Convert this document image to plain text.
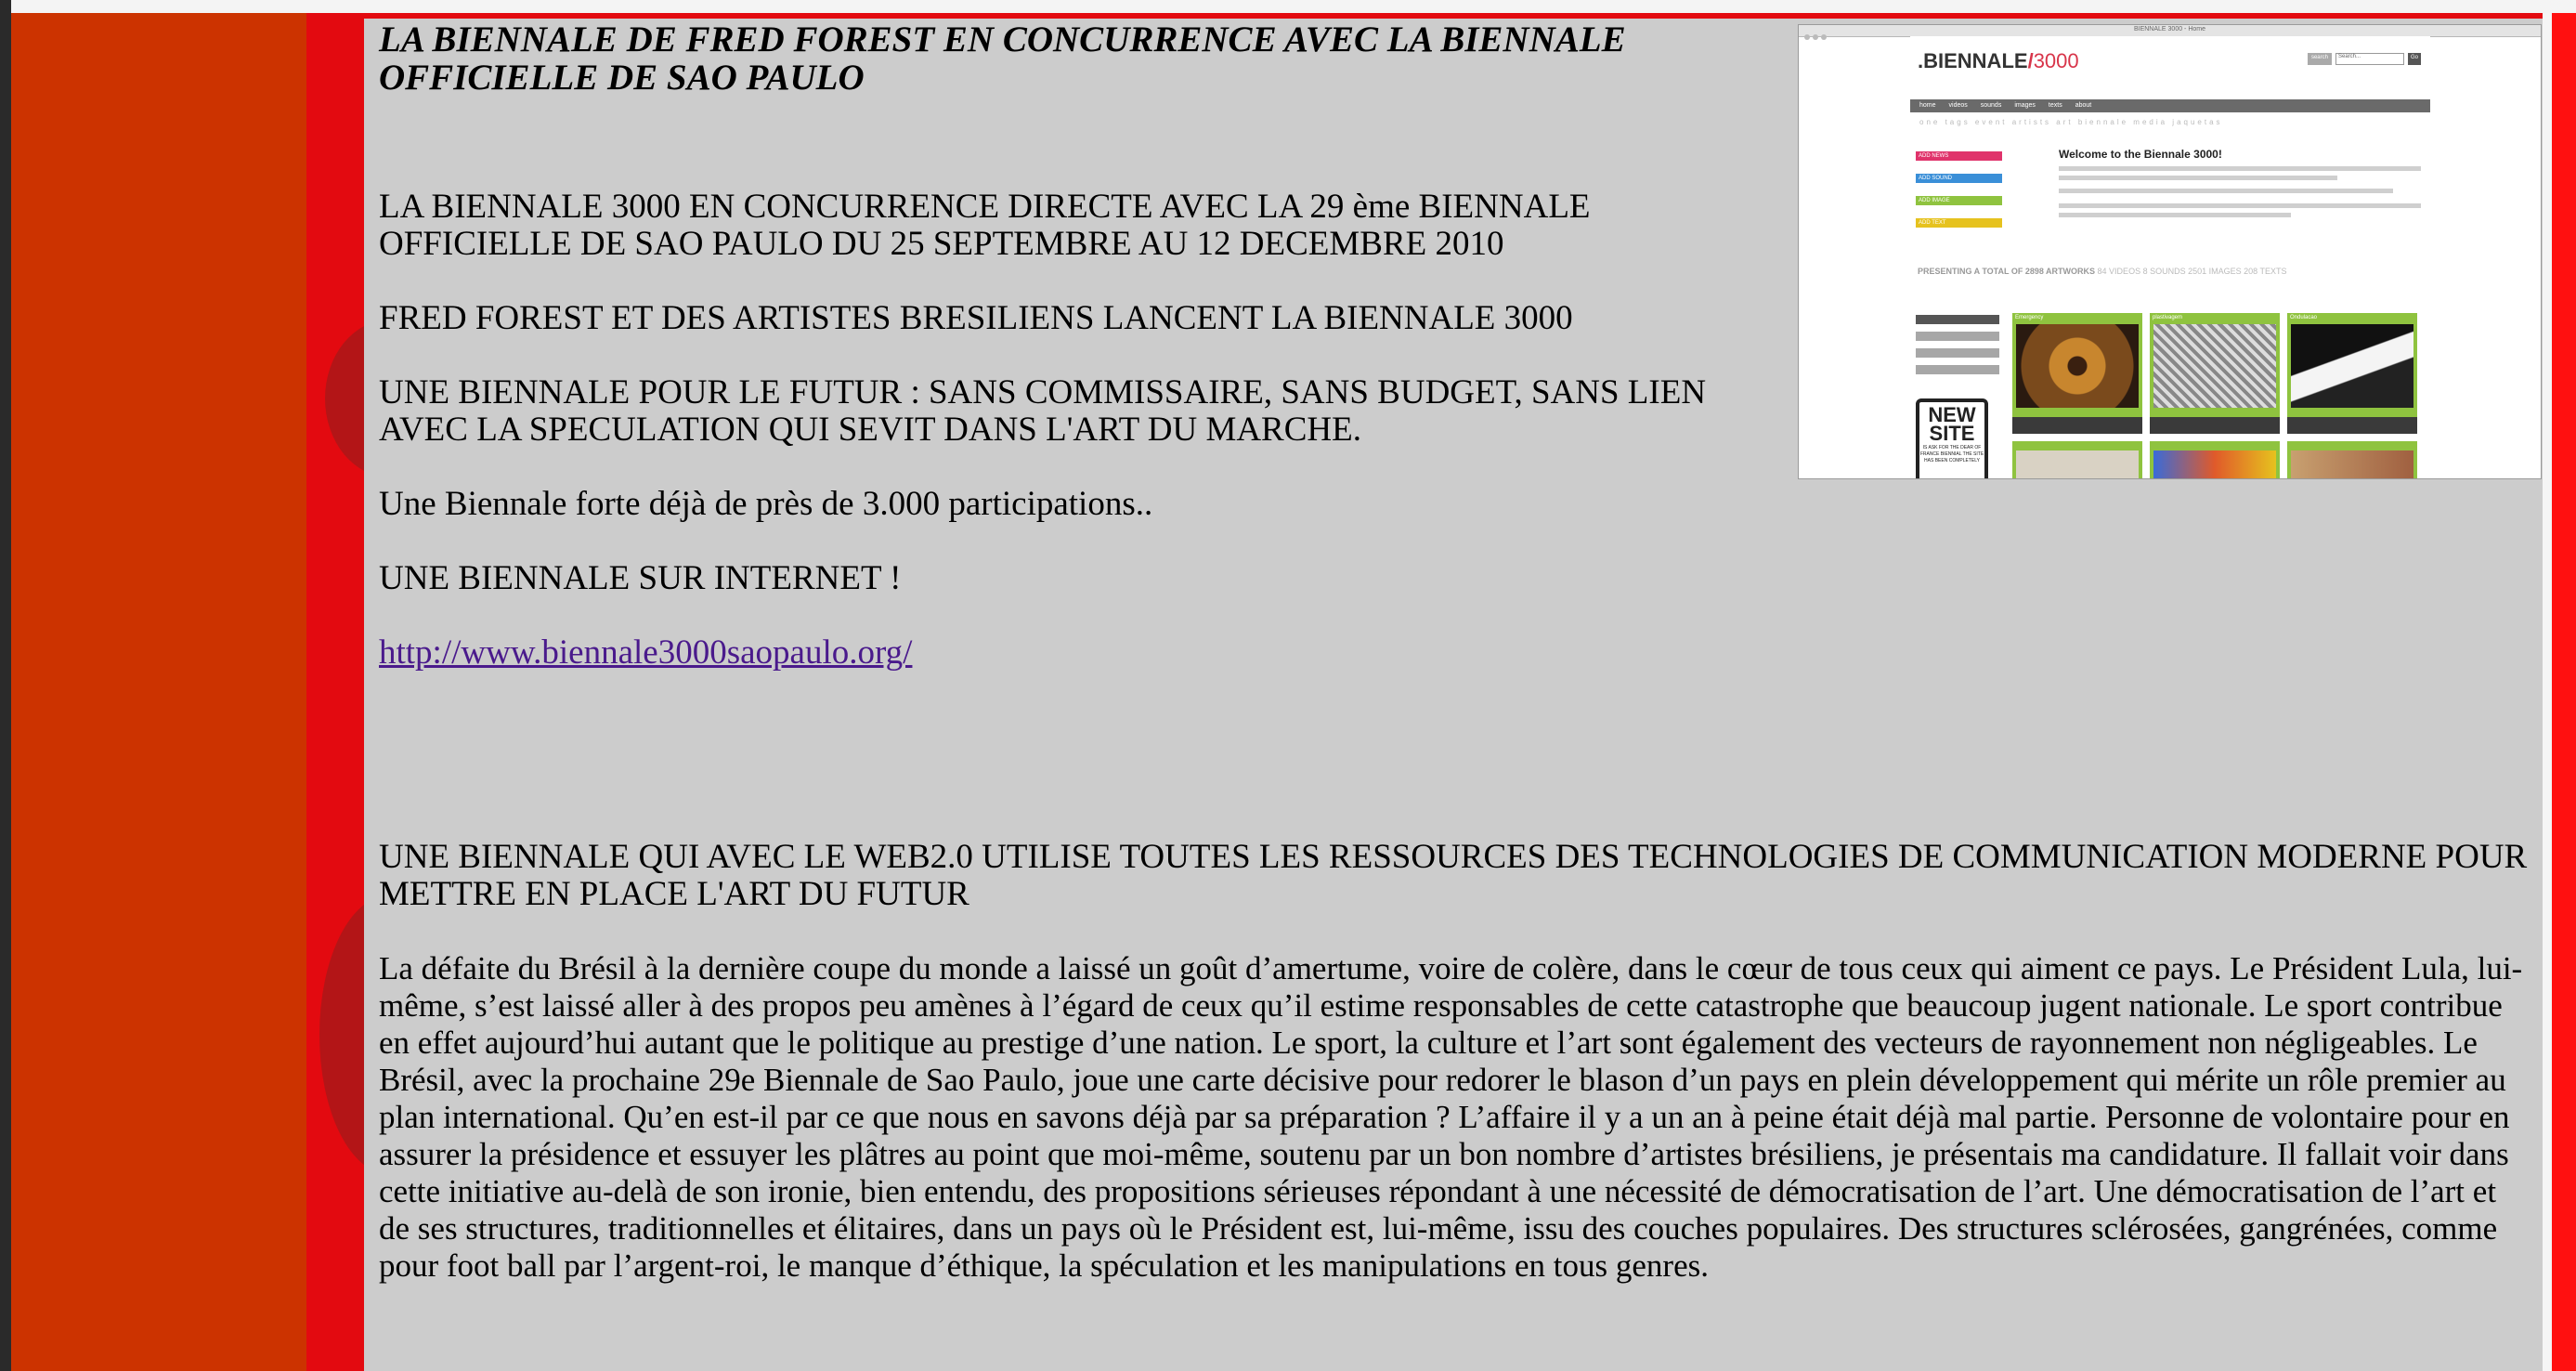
LA BIENNALE DE FRED FOREST EN CONCURRENCE AVEC LA BIENNALE OFFICIELLE DE SAO PAULO

LA BIENNALE 3000 EN CONCURRENCE DIRECTE AVEC LA 29 ème BIENNALE OFFICIELLE DE SAO PAULO DU 25 SEPTEMBRE AU 12 DECEMBRE 2010

FRED FOREST ET DES ARTISTES BRESILIENS LANCENT LA BIENNALE 3000

UNE BIENNALE POUR LE FUTUR : SANS COMMISSAIRE, SANS BUDGET, SANS LIEN AVEC LA SPECULATION QUI SEVIT DANS L'ART DU MARCHE.

Une Biennale forte déjà de près de 3.000 participations..

UNE BIENNALE SUR INTERNET !

http://www.biennale3000saopaulo.org/

UNE BIENNALE QUI AVEC LE WEB2.0 UTILISE TOUTES LES RESSOURCES DES TECHNOLOGIES DE COMMUNICATION MODERNE POUR METTRE EN PLACE L'ART DU FUTUR

La défaite du Brésil à la dernière coupe du monde a laissé un goût d’amertume, voire de colère, dans le cœur de tous ceux qui aiment ce pays. Le Président Lula, lui-même, s’est laissé aller à des propos peu amènes à l’égard de ceux qu’il estime responsables de cette catastrophe que beaucoup jugent nationale. Le sport contribue en effet aujourd’hui autant que le politique au prestige d’une nation. Le sport, la culture et l’art sont également des vecteurs de rayonnement non négligeables. Le Brésil, avec la prochaine 29e Biennale de Sao Paulo, joue une carte décisive pour redorer le blason d’un pays en plein développement qui mérite un rôle premier au plan international. Qu’en est-il par ce que nous en savons déjà par sa préparation ? L’affaire il y a un an à peine était déjà mal partie. Personne de volontaire pour en assurer la présidence et essuyer les plâtres au point que moi-même, soutenu par un bon nombre d’artistes brésiliens, je présentais ma candidature. Il fallait voir dans cette initiative au-delà de son ironie, bien entendu, des propositions sérieuses répondant à une nécessité de démocratisation de l’art. Une démocratisation de l’art et de ses structures, traditionnelles et élitaires, dans un pays où le Président est, lui-même, issu des couches populaires. Des structures sclérosées, gangrénées, comme pour foot ball par l’argent-roi, le manque d’éthique, la spéculation et les manipulations en tous genres.

BIENNALE 3000 - Home
.BIENNALE/3000	search	Search...	Go
home videos sounds images texts about
one tags event artists art biennale media jaquetas
Welcome to the Biennale 3000!
ADD NEWS
ADD SOUND
ADD IMAGE
ADD TEXT
PRESENTING A TOTAL OF 2898 ARTWORKS 84 VIDEOS 8 SOUNDS 2501 IMAGES 208 TEXTS
NEW
SITE
IS ASK FOR THE DEAR OF FRANCE BIENNIAL THE SITE HAS BEEN COMPLETELY
Emergency	plastivagem	Ondulacao
